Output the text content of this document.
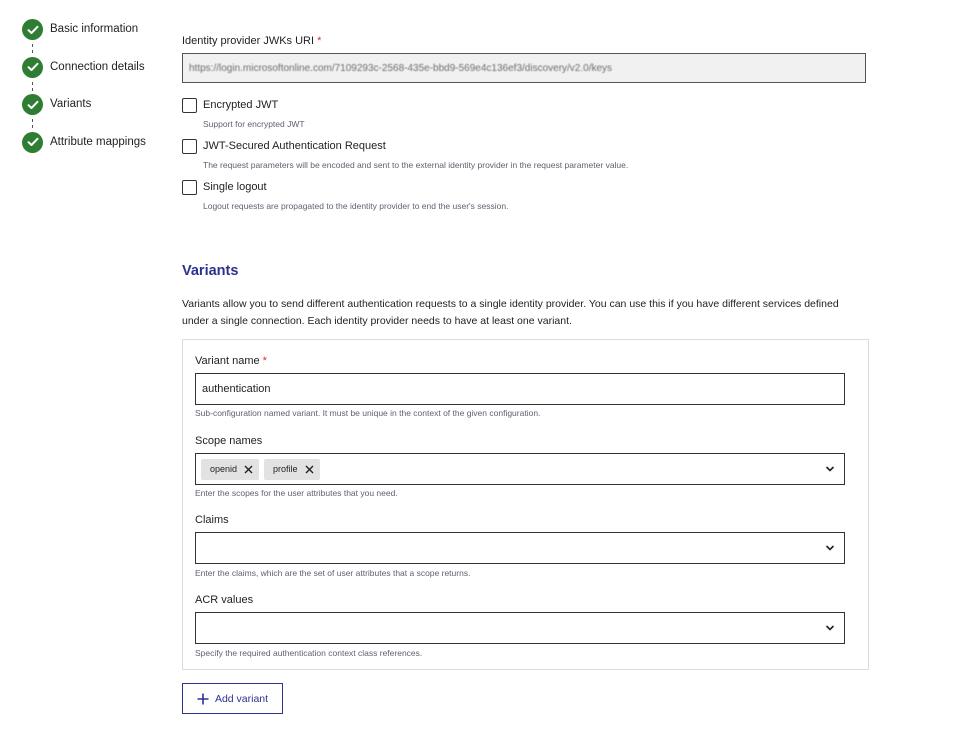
Basic information
Connection details
Variants
Attribute mappings
Identity provider JWKs URI *
https://login.microsoftonline.com/7109293c-2568-435e-bbd9-569e4c136ef3/discovery/v2.0/keys
Encrypted JWT
Support for encrypted JWT
JWT-Secured Authentication Request
The request parameters will be encoded and sent to the external identity provider in the request parameter value.
Single logout
Logout requests are propagated to the identity provider to end the user's session.
Variants

Variants allow you to send different authentication requests to a single identity provider. You can use this if you have different services defined under a single connection. Each identity provider needs to have at least one variant.

Variant name *
authentication
Sub-configuration named variant. It must be unique in the context of the given configuration.
Scope names
openid	profile
Enter the scopes for the user attributes that you need.
Claims
Enter the claims, which are the set of user attributes that a scope returns.
ACR values
Specify the required authentication context class references.
Add variant
